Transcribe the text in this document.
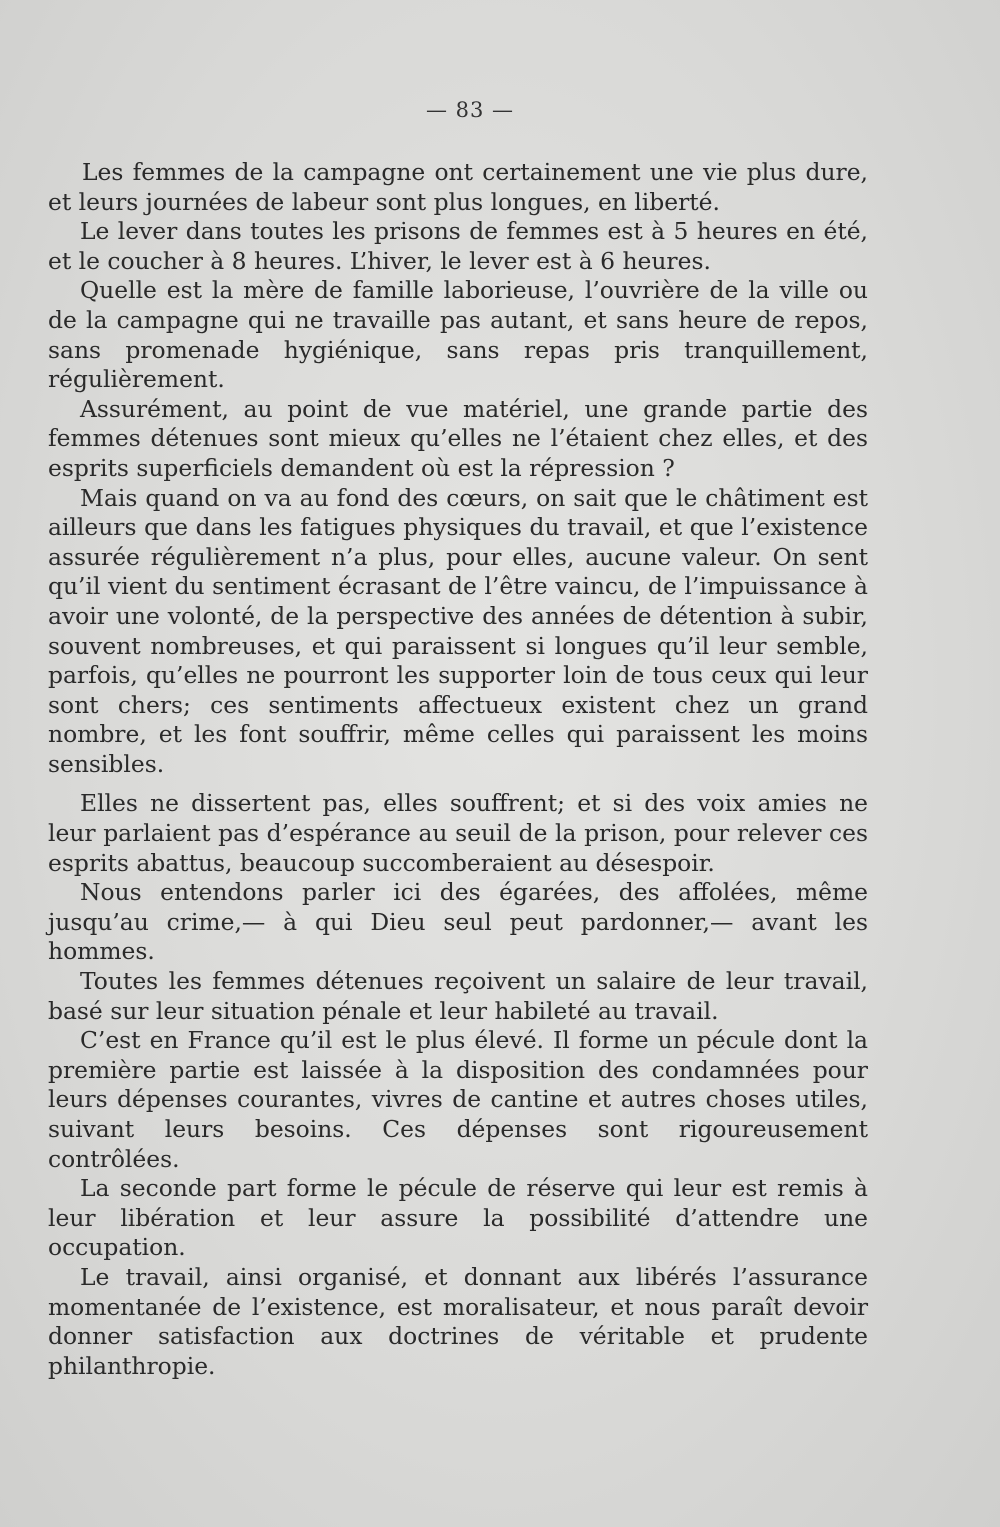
— 83 —

Les femmes de la campagne ont certainement une vie plus dure, et leurs journées de labeur sont plus longues, en liberté.

Le lever dans toutes les prisons de femmes est à 5 heures en été, et le coucher à 8 heures. L’hiver, le lever est à 6 heures.

Quelle est la mère de famille laborieuse, l’ouvrière de la ville ou de la campagne qui ne travaille pas autant, et sans heure de repos, sans promenade hygiénique, sans repas pris tranquillement, régulièrement.

Assurément, au point de vue matériel, une grande partie des femmes détenues sont mieux qu’elles ne l’étaient chez elles, et des esprits superficiels demandent où est la répression ?

Mais quand on va au fond des cœurs, on sait que le châtiment est ailleurs que dans les fatigues physiques du travail, et que l’existence assurée régulièrement n’a plus, pour elles, aucune valeur. On sent qu’il vient du sentiment écrasant de l’être vaincu, de l’impuissance à avoir une volonté, de la perspective des années de détention à subir, souvent nombreuses, et qui paraissent si longues qu’il leur semble, parfois, qu’elles ne pourront les supporter loin de tous ceux qui leur sont chers; ces sentiments affectueux existent chez un grand nombre, et les font souffrir, même celles qui paraissent les moins sensibles.

Elles ne dissertent pas, elles souffrent; et si des voix amies ne leur parlaient pas d’espérance au seuil de la prison, pour relever ces esprits abattus, beaucoup succomberaient au désespoir.

Nous entendons parler ici des égarées, des affolées, même jusqu’au crime,— à qui Dieu seul peut pardonner,— avant les hommes.

Toutes les femmes détenues reçoivent un salaire de leur travail, basé sur leur situation pénale et leur habileté au travail.

C’est en France qu’il est le plus élevé. Il forme un pécule dont la première partie est laissée à la disposition des condamnées pour leurs dépenses courantes, vivres de cantine et autres choses utiles, suivant leurs besoins. Ces dépenses sont rigoureusement contrôlées.

La seconde part forme le pécule de réserve qui leur est remis à leur libération et leur assure la possibilité d’attendre une occupation.

Le travail, ainsi organisé, et donnant aux libérés l’assurance momentanée de l’existence, est moralisateur, et nous paraît devoir donner satisfaction aux doctrines de véritable et prudente philanthropie.
